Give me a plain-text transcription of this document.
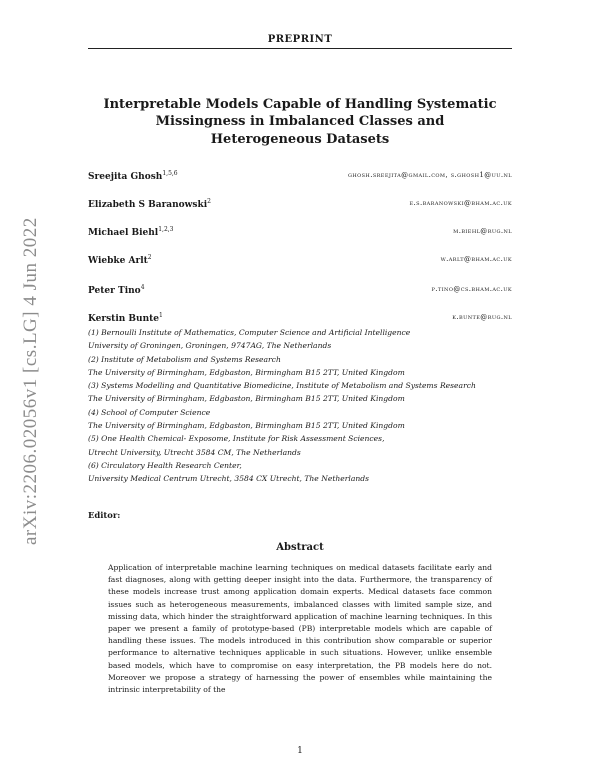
PREPRINT
arXiv:2206.02056v1 [cs.LG] 4 Jun 2022
Interpretable Models Capable of Handling Systematic Missingness in Imbalanced Classes and Heterogeneous Datasets
Sreejita Ghosh$^{1,5,6}$	ghosh.sreejita@gmail.com, s.ghosh1@uu.nl
Elizabeth S Baranowski$^2$	e.s.baranowski@bham.ac.uk
Michael Biehl$^{1,2,3}$	m.biehl@rug.nl
Wiebke Arlt$^2$	w.arlt@bham.ac.uk
Peter Tino$^4$	p.tino@cs.bham.ac.uk
Kerstin Bunte$^1$	k.bunte@rug.nl
(1) Bernoulli Institute of Mathematics, Computer Science and Artificial Intelligence
University of Groningen, Groningen, 9747AG, The Netherlands
(2) Institute of Metabolism and Systems Research
The University of Birmingham, Edgbaston, Birmingham B15 2TT, United Kingdom
(3) Systems Modelling and Quantitative Biomedicine, Institute of Metabolism and Systems Research
The University of Birmingham, Edgbaston, Birmingham B15 2TT, United Kingdom
(4) School of Computer Science
The University of Birmingham, Edgbaston, Birmingham B15 2TT, United Kingdom
(5) One Health Chemical- Exposome, Institute for Risk Assessment Sciences,
Utrecht University, Utrecht 3584 CM, The Netherlands
(6) Circulatory Health Research Center,
University Medical Centrum Utrecht, 3584 CX Utrecht, The Netherlands
Editor:
Abstract
Application of interpretable machine learning techniques on medical datasets facilitate early and fast diagnoses, along with getting deeper insight into the data. Furthermore, the transparency of these models increase trust among application domain experts. Medical datasets face common issues such as heterogeneous measurements, imbalanced classes with limited sample size, and missing data, which hinder the straightforward application of machine learning techniques. In this paper we present a family of prototype-based (PB) interpretable models which are capable of handling these issues. The models introduced in this contribution show comparable or superior performance to alternative techniques applicable in such situations. However, unlike ensemble based models, which have to compromise on easy interpretation, the PB models here do not. Moreover we propose a strategy of harnessing the power of ensembles while maintaining the intrinsic interpretability of the
1
